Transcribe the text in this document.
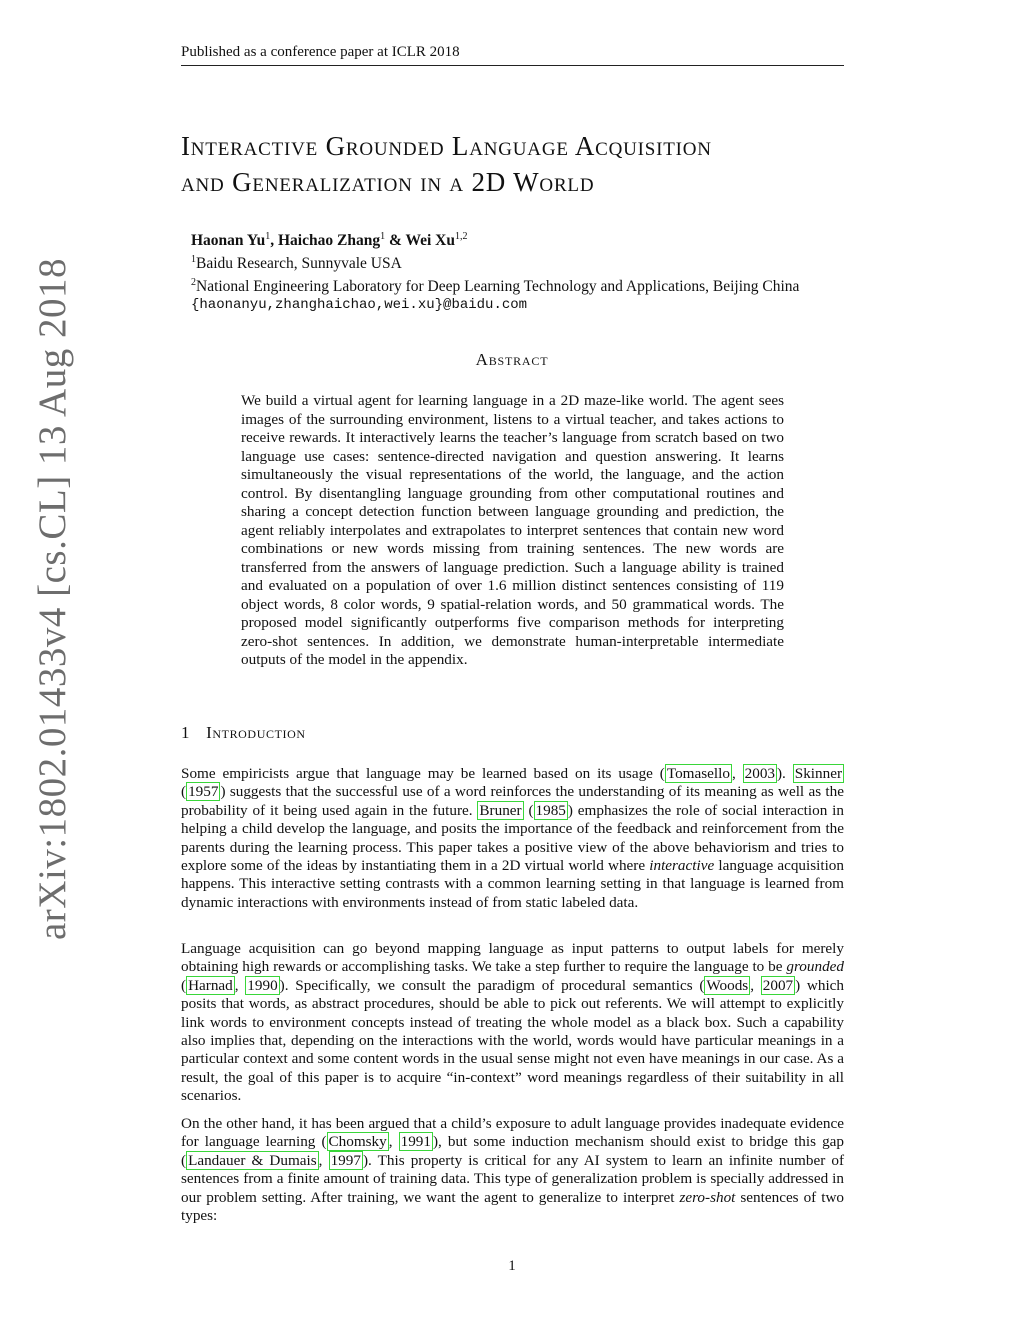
Published as a conference paper at ICLR 2018
Interactive Grounded Language Acquisition
and Generalization in a 2D World
Haonan Yu$^1$, Haichao Zhang$^1$ & Wei Xu$^{1,2}$
$^1$Baidu Research, Sunnyvale USA
$^2$National Engineering Laboratory for Deep Learning Technology and Applications, Beijing China
{haonanyu,zhanghaichao,wei.xu}@baidu.com
arXiv:1802.01433v4 [cs.CL] 13 Aug 2018	Abstract
We build a virtual agent for learning language in a 2D maze-like world. The agent sees images of the surrounding environment, listens to a virtual teacher, and takes actions to receive rewards. It interactively learns the teacher’s language from scratch based on two language use cases: sentence-directed navigation and question answering. It learns simultaneously the visual representations of the world, the language, and the action control. By disentangling language grounding from other computational routines and sharing a concept detection function between language grounding and prediction, the agent reliably interpolates and extrapolates to interpret sentences that contain new word combinations or new words missing from training sentences. The new words are transferred from the answers of language prediction. Such a language ability is trained and evaluated on a population of over 1.6 million distinct sentences consisting of 119 object words, 8 color words, 9 spatial-relation words, and 50 grammatical words. The proposed model significantly outperforms five comparison methods for interpreting zero-shot sentences. In addition, we demonstrate human-interpretable intermediate outputs of the model in the appendix.
1 Introduction
Some empiricists argue that language may be learned based on its usage ( Tomasello , 2003 ). Skinner ( 1957 ) suggests that the successful use of a word reinforces the understanding of its meaning as well as the probability of it being used again in the future. Bruner ( 1985 ) emphasizes the role of social interaction in helping a child develop the language, and posits the importance of the feedback and reinforcement from the parents during the learning process. This paper takes a positive view of the above behaviorism and tries to explore some of the ideas by instantiating them in a 2D virtual world where interactive language acquisition happens. This interactive setting contrasts with a common learning setting in that language is learned from dynamic interactions with environments instead of from static labeled data.
Language acquisition can go beyond mapping language as input patterns to output labels for merely obtaining high rewards or accomplishing tasks. We take a step further to require the language to be grounded ( Harnad , 1990 ). Specifically, we consult the paradigm of procedural semantics ( Woods , 2007 ) which posits that words, as abstract procedures, should be able to pick out referents. We will attempt to explicitly link words to environment concepts instead of treating the whole model as a black box. Such a capability also implies that, depending on the interactions with the world, words would have particular meanings in a particular context and some content words in the usual sense might not even have meanings in our case. As a result, the goal of this paper is to acquire “in-context” word meanings regardless of their suitability in all scenarios.
On the other hand, it has been argued that a child’s exposure to adult language provides inadequate evidence for language learning ( Chomsky , 1991 ), but some induction mechanism should exist to bridge this gap ( Landauer & Dumais , 1997 ). This property is critical for any AI system to learn an infinite number of sentences from a finite amount of training data. This type of generalization problem is specially addressed in our problem setting. After training, we want the agent to generalize to interpret zero-shot sentences of two types:
1
